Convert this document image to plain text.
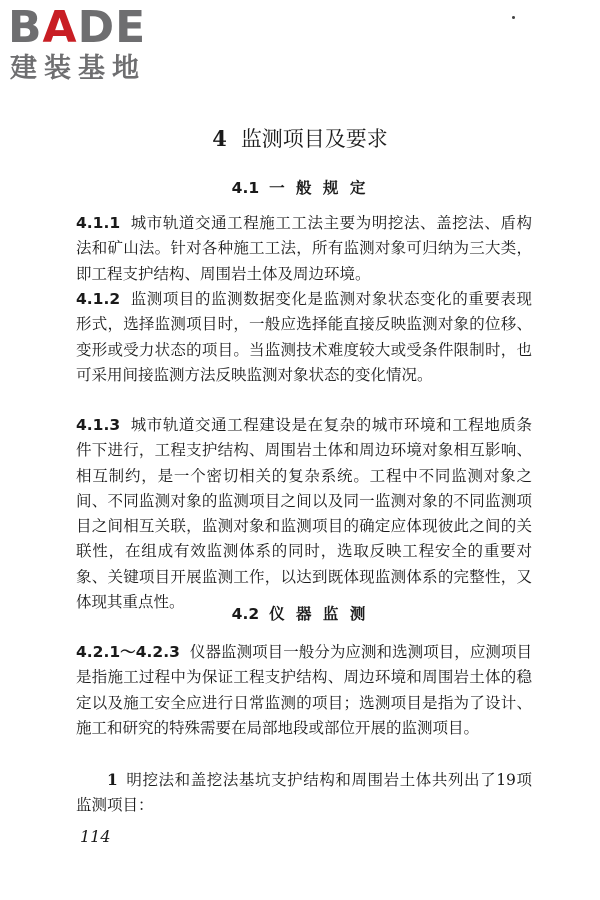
BADE
建装基地
4 监测项目及要求
4.1 一 般 规 定

4.1.1 城市轨道交通工程施工工法主要为明挖法、盖挖法、盾构法和矿山法。针对各种施工工法，所有监测对象可归纳为三大类，即工程支护结构、周围岩土体及周边环境。

4.1.2 监测项目的监测数据变化是监测对象状态变化的重要表现形式，选择监测项目时，一般应选择能直接反映监测对象的位移、变形或受力状态的项目。当监测技术难度较大或受条件限制时，也可采用间接监测方法反映监测对象状态的变化情况。

4.1.3 城市轨道交通工程建设是在复杂的城市环境和工程地质条件下进行，工程支护结构、周围岩土体和周边环境对象相互影响、相互制约，是一个密切相关的复杂系统。工程中不同监测对象之间、不同监测对象的监测项目之间以及同一监测对象的不同监测项目之间相互关联，监测对象和监测项目的确定应体现彼此之间的关联性，在组成有效监测体系的同时，选取反映工程安全的重要对象、关键项目开展监测工作，以达到既体现监测体系的完整性，又体现其重点性。

4.2 仪 器 监 测

4.2.1～4.2.3 仪器监测项目一般分为应测和选测项目，应测项目是指施工过程中为保证工程支护结构、周边环境和周围岩土体的稳定以及施工安全应进行日常监测的项目；选测项目是指为了设计、施工和研究的特殊需要在局部地段或部位开展的监测项目。

1 明挖法和盖挖法基坑支护结构和周围岩土体共列出了19项监测项目：

114
